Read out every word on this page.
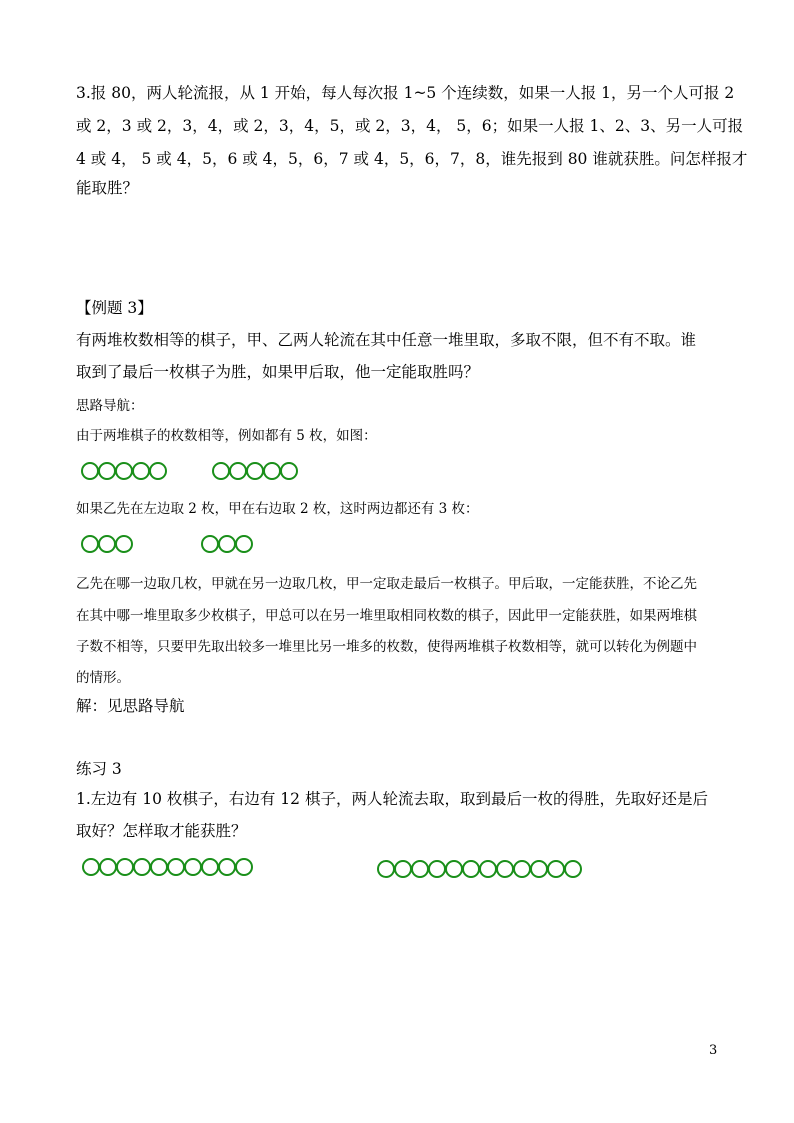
3.报 80，两人轮流报，从 1 开始，每人每次报 1~5 个连续数，如果一人报 1，另一个人可报 2
或 2，3 或 2，3，4，或 2，3，4，5，或 2，3，4， 5，6；如果一人报 1、2、3、另一人可报
4 或 4， 5 或 4，5，6 或 4，5，6，7 或 4，5，6，7，8，谁先报到 80 谁就获胜。问怎样报才
能取胜？
【例题 3】
有两堆枚数相等的棋子，甲、乙两人轮流在其中任意一堆里取，多取不限，但不有不取。谁
取到了最后一枚棋子为胜，如果甲后取，他一定能取胜吗？
思路导航：
由于两堆棋子的枚数相等，例如都有 5 枚，如图：
如果乙先在左边取 2 枚，甲在右边取 2 枚，这时两边都还有 3 枚：
乙先在哪一边取几枚，甲就在另一边取几枚，甲一定取走最后一枚棋子。甲后取，一定能获胜，不论乙先
在其中哪一堆里取多少枚棋子，甲总可以在另一堆里取相同枚数的棋子，因此甲一定能获胜，如果两堆棋
子数不相等，只要甲先取出较多一堆里比另一堆多的枚数，使得两堆棋子枚数相等，就可以转化为例题中
的情形。
解：见思路导航
练习 3
1.左边有 10 枚棋子，右边有 12 棋子，两人轮流去取，取到最后一枚的得胜，先取好还是后
取好？怎样取才能获胜？
3
